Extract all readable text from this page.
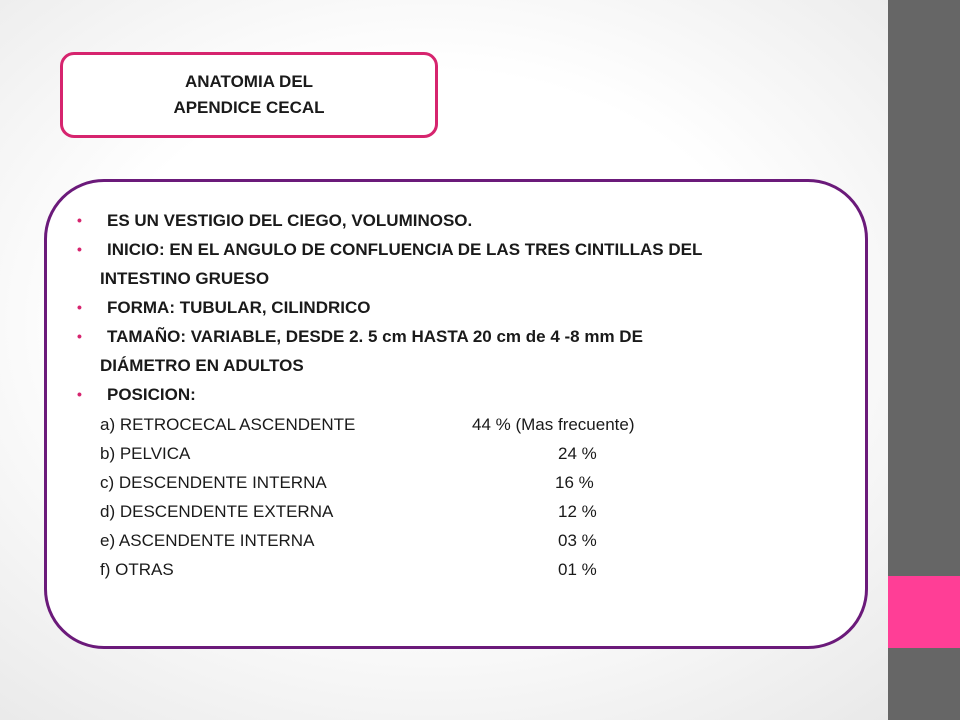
ANATOMIA DEL
APENDICE CECAL
• ES UN VESTIGIO DEL CIEGO, VOLUMINOSO.
• INICIO: EN EL ANGULO DE CONFLUENCIA DE LAS TRES CINTILLAS DEL
INTESTINO GRUESO
• FORMA: TUBULAR, CILINDRICO
• TAMAÑO: VARIABLE, DESDE 2. 5 cm HASTA 20 cm de 4 -8 mm DE
DIÁMETRO EN ADULTOS
• POSICION:
a) RETROCECAL ASCENDENTE	44 % (Mas frecuente)
b) PELVICA	24 %
c) DESCENDENTE INTERNA	16 %
d) DESCENDENTE EXTERNA	12 %
e) ASCENDENTE INTERNA	03 %
f) OTRAS	01 %
